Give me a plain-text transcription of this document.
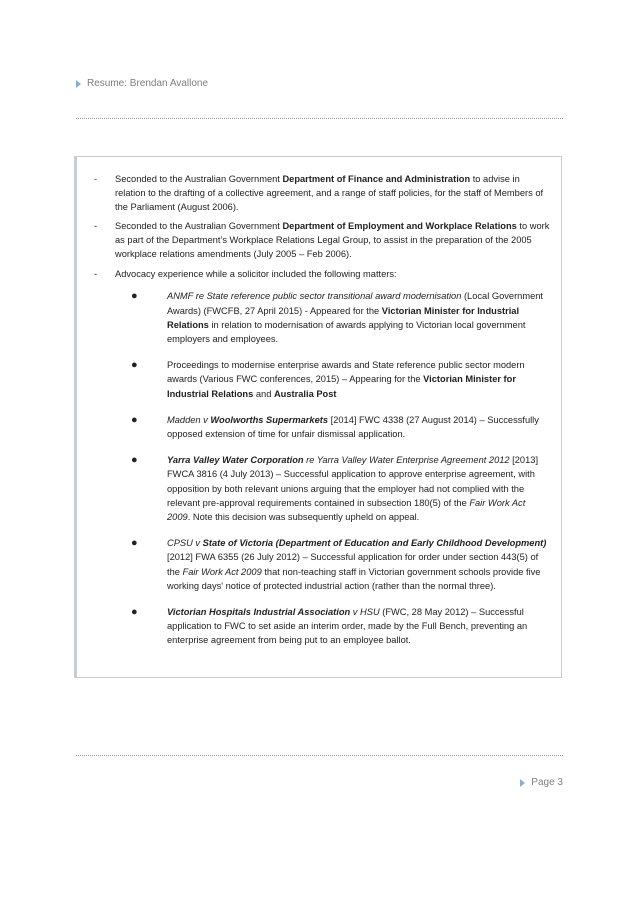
Resume: Brendan Avallone
- Seconded to the Australian Government Department of Finance and Administration to advise in relation to the drafting of a collective agreement, and a range of staff policies, for the staff of Members of the Parliament (August 2006).
- Seconded to the Australian Government Department of Employment and Workplace Relations to work as part of the Department’s Workplace Relations Legal Group, to assist in the preparation of the 2005 workplace relations amendments (July 2005 – Feb 2006).
- Advocacy experience while a solicitor included the following matters:
●	ANMF re State reference public sector transitional award modernisation (Local Government Awards) (FWCFB, 27 April 2015) - Appeared for the Victorian Minister for Industrial Relations in relation to modernisation of awards applying to Victorian local government employers and employees.
●	Proceedings to modernise enterprise awards and State reference public sector modern awards (Various FWC conferences, 2015) – Appearing for the Victorian Minister for Industrial Relations and Australia Post
●	Madden v Woolworths Supermarkets [2014] FWC 4338 (27 August 2014) – Successfully opposed extension of time for unfair dismissal application.
●	Yarra Valley Water Corporation re Yarra Valley Water Enterprise Agreement 2012 [2013] FWCA 3816 (4 July 2013) – Successful application to approve enterprise agreement, with opposition by both relevant unions arguing that the employer had not complied with the relevant pre-approval requirements contained in subsection 180(5) of the Fair Work Act 2009. Note this decision was subsequently upheld on appeal.
●	CPSU v State of Victoria (Department of Education and Early Childhood Development) [2012] FWA 6355 (26 July 2012) – Successful application for order under section 443(5) of the Fair Work Act 2009 that non-teaching staff in Victorian government schools provide five working days' notice of protected industrial action (rather than the normal three).
●	Victorian Hospitals Industrial Association v HSU (FWC, 28 May 2012) – Successful application to FWC to set aside an interim order, made by the Full Bench, preventing an enterprise agreement from being put to an employee ballot.
Page 3
